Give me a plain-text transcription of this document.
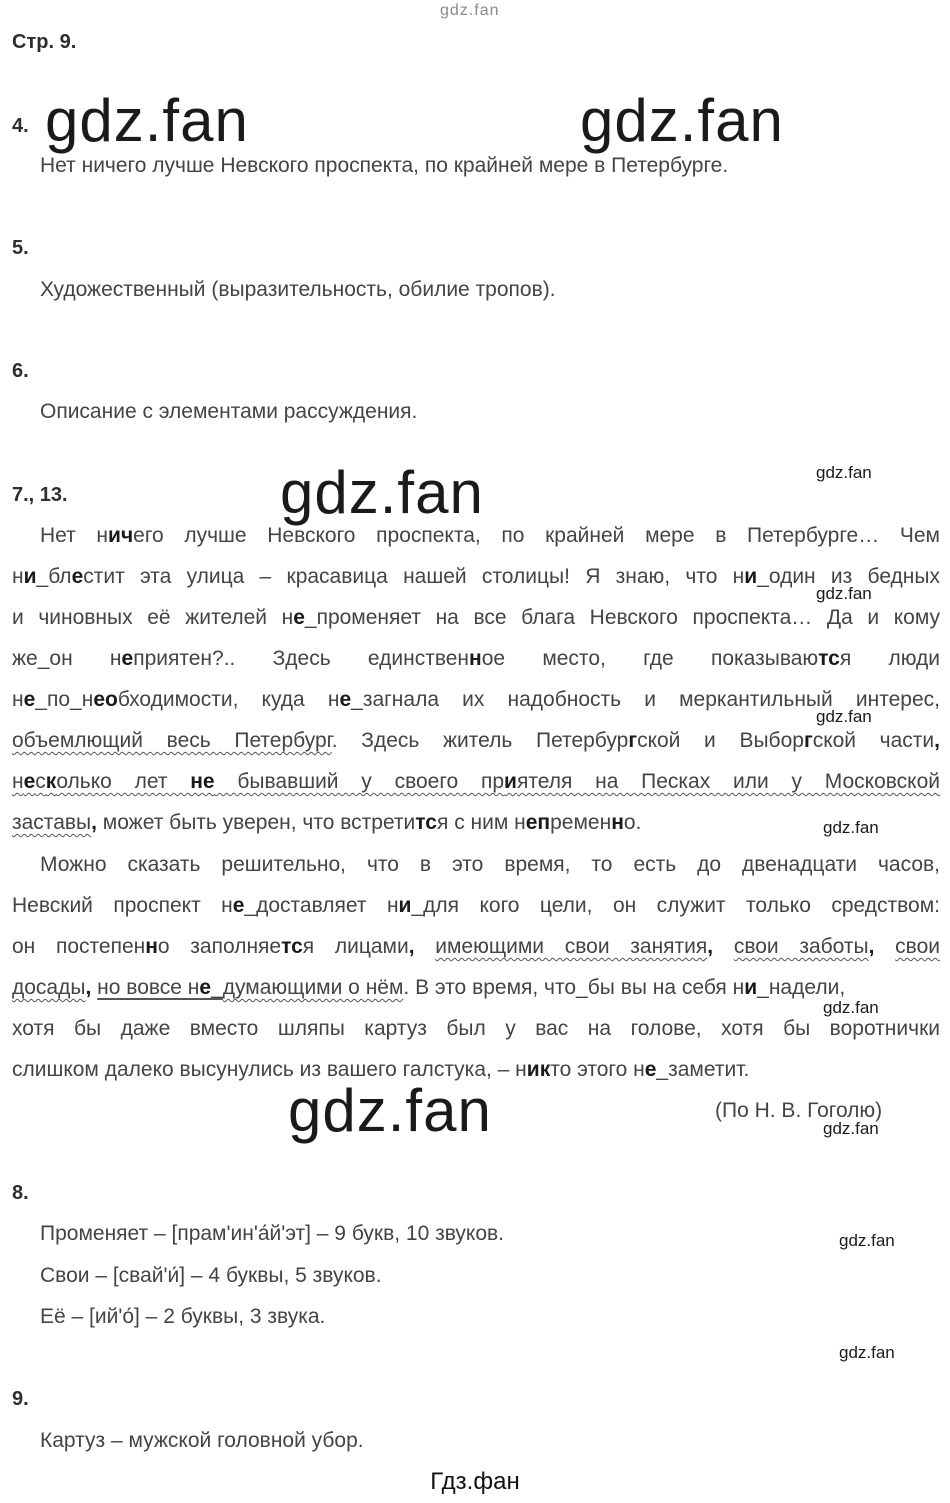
gdz.fan
Стр. 9.
4. gdz.fan	gdz.fan
Нет ничего лучше Невского проспекта, по крайней мере в Петербурге.
5.
Художественный (выразительность, обилие тропов).
6.
Описание с элементами рассуждения.
7., 13.	gdz.fan	gdz.fan
Нет ничего лучше Невского проспекта, по крайней мере в Петербурге… Чем
ни_блестит эта улица – красавица нашей столицы! Я знаю, что ни_один из бедных
gdz.fan
и чиновных её жителей не_променяет на все блага Невского проспекта… Да и кому
же_он неприятен?.. Здесь единственное место, где показываются люди
не_по_необходимости, куда не_загнала их надобность и меркантильный интерес,
gdz.fan
объемлющий весь Петербург. Здесь житель Петербургской и Выборгской части,
несколько лет не бывавший у своего приятеля на Песках или у Московской
заставы, может быть уверен, что встретится с ним непременно.	gdz.fan
Можно сказать решительно, что в это время, то есть до двенадцати часов,
Невский проспект не_доставляет ни_для кого цели, он служит только средством:
он постепенно заполняется лицами, имеющими свои занятия, свои заботы, свои
досады, но вовсе не_думающими о нём. В это время, что_бы вы на себя ни_надели,
gdz.fan
хотя бы даже вместо шляпы картуз был у вас на голове, хотя бы воротнички
слишком далеко высунулись из вашего галстука, – никто этого не_заметит.
gdz.fan	(По Н. В. Гоголю)
gdz.fan
8.
Променяет – [прам'ин'а́й'эт] – 9 букв, 10 звуков.	gdz.fan
Свои – [свай'и́] – 4 буквы, 5 звуков.
Её – [ий'о́] – 2 буквы, 3 звука.
gdz.fan
9.
Картуз – мужской головной убор.
Гдз.фан
